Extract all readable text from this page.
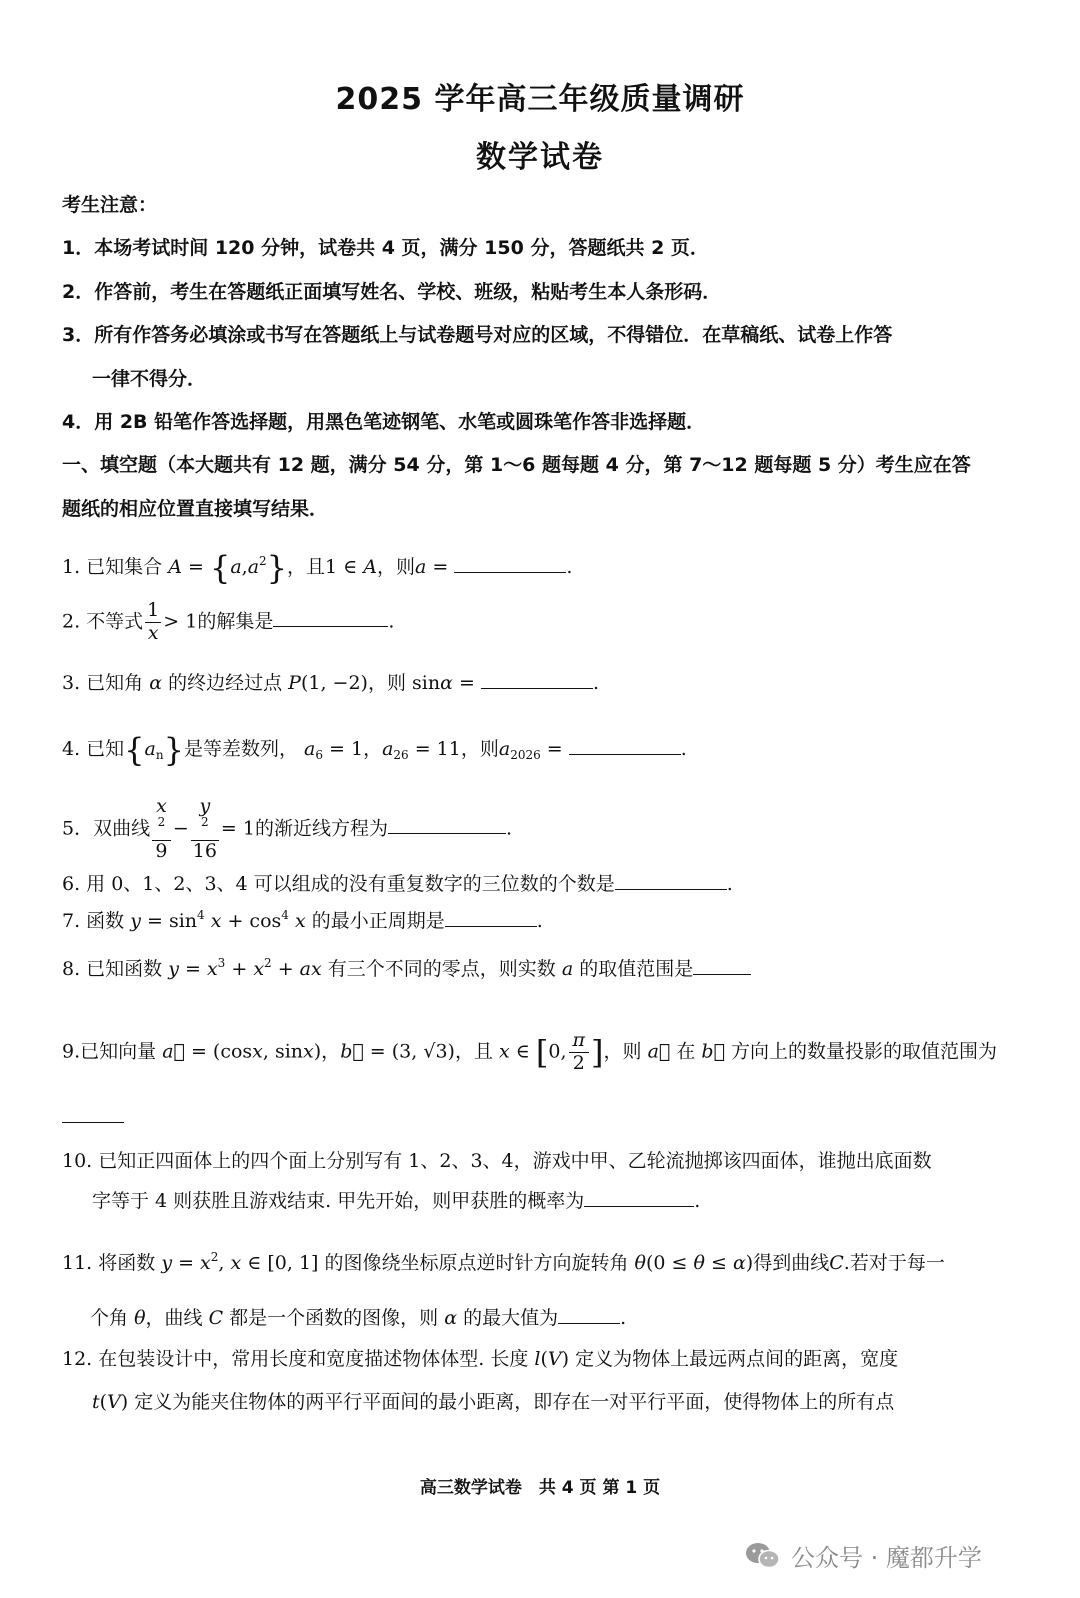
2025 学年高三年级质量调研
数学试卷
考生注意：
1．本场考试时间 120 分钟，试卷共 4 页，满分 150 分，答题纸共 2 页．
2．作答前，考生在答题纸正面填写姓名、学校、班级，粘贴考生本人条形码．
3．所有作答务必填涂或书写在答题纸上与试卷题号对应的区域，不得错位．在草稿纸、试卷上作答
一律不得分．
4．用 2B 铅笔作答选择题，用黑色笔迹钢笔、水笔或圆珠笔作答非选择题．
一、填空题（本大题共有 12 题，满分 54 分，第 1～6 题每题 4 分，第 7～12 题每题 5 分）考生应在答
题纸的相应位置直接填写结果．
1. 已知集合 $A = \{a,a^2\}$，且1 ∈ A，则a =	.
2. 不等式 $\frac{1}{x} > 1$的解集是	.
3. 已知角 α 的终边经过点 P(1, −2)，则 sinα =	.
4. 已知$\{a_n\}$是等差数列， $a_6 = 1$，$a_{26} = 11$，则$a_{2026}$ =	.
5．双曲线 x
$^2$
9 − y
$^2$
16 = 1的渐近线方程为	.
6. 用 0、1、2、3、4 可以组成的没有重复数字的三位数的个数是	.
7. 函数 $y = \sin^4 x + \cos^4 x$ 的最小正周期是	.
8. 已知函数 $y = x^3 + x^2$ + ax 有三个不同的零点，则实数 a 的取值范围是
9.已知向量 a⃗ = (cosx, sinx)，b⃗ = (3, √3)，且 x ∈ [0, $\frac{\pi}{2}$ ]，则 a⃗ 在 b⃗ 方向上的数量投影的取值范围为
10. 已知正四面体上的四个面上分别写有 1、2、3、4，游戏中甲、乙轮流抛掷该四面体，谁抛出底面数
字等于 4 则获胜且游戏结束. 甲先开始，则甲获胜的概率为	.
11. 将函数 $y = x^2$, x ∈ [0, 1] 的图像绕坐标原点逆时针方向旋转角 θ(0 ≤ θ ≤ α)得到曲线C.若对于每一
个角 θ，曲线 C 都是一个函数的图像，则 α 的最大值为	.
12. 在包装设计中，常用长度和宽度描述物体体型. 长度 l(V) 定义为物体上最远两点间的距离，宽度
t(V) 定义为能夹住物体的两平行平面间的最小距离，即存在一对平行平面，使得物体上的所有点
高三数学试卷　共 4 页 第 1 页
公众号 · 魔都升学
